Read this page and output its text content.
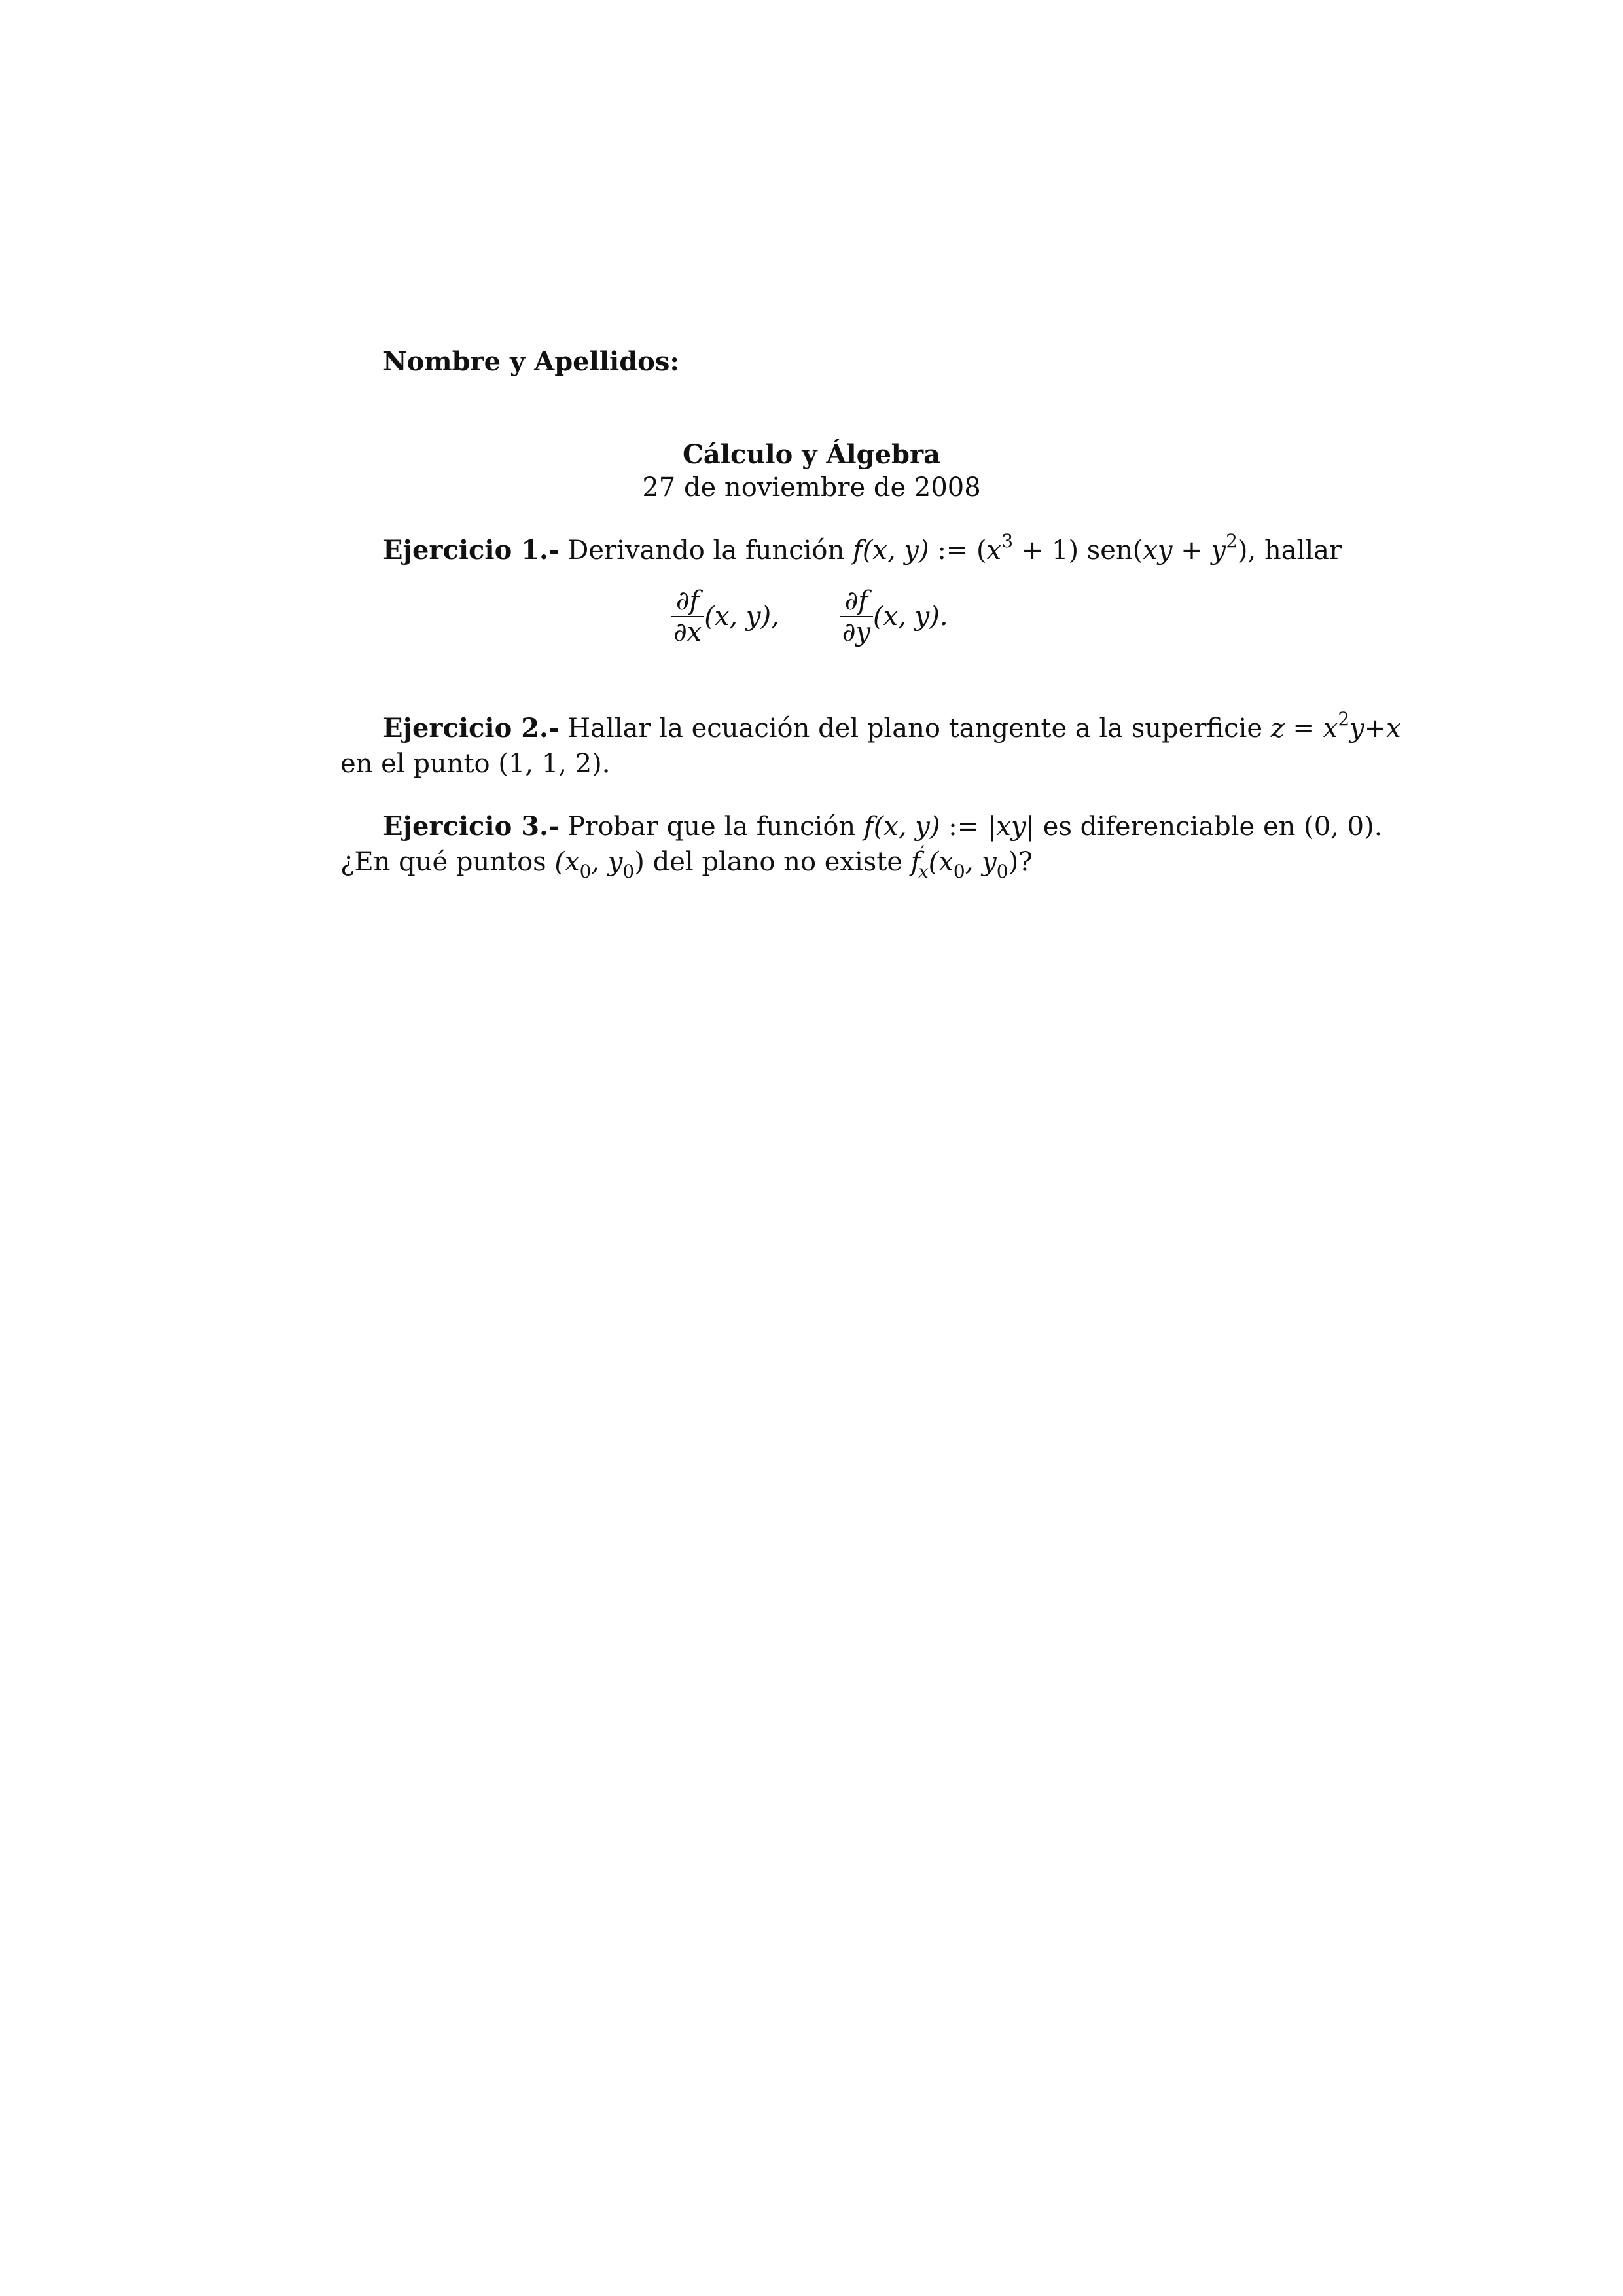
Nombre y Apellidos:
Cálculo y Álgebra
27 de noviembre de 2008
Ejercicio 1.- Derivando la función f(x, y) := $(x^3 + 1) sen(xy + y^2)$, hallar
$\frac{\partial f}{\partial x} (x$, y), $\frac{\partial f}{\partial y} (x$, y).
Ejercicio 2.- Hallar la ecuación del plano tangente a la superficie $z = x^2y+x$
en el punto (1, 1, 2).
Ejercicio 3.- Probar que la función f(x, y) := |xy| es diferenciable en (0, 0).
¿En qué puntos ($x_0$, $y_0$) del plano no existe $f'_x(x_0$, $y_0$)?
